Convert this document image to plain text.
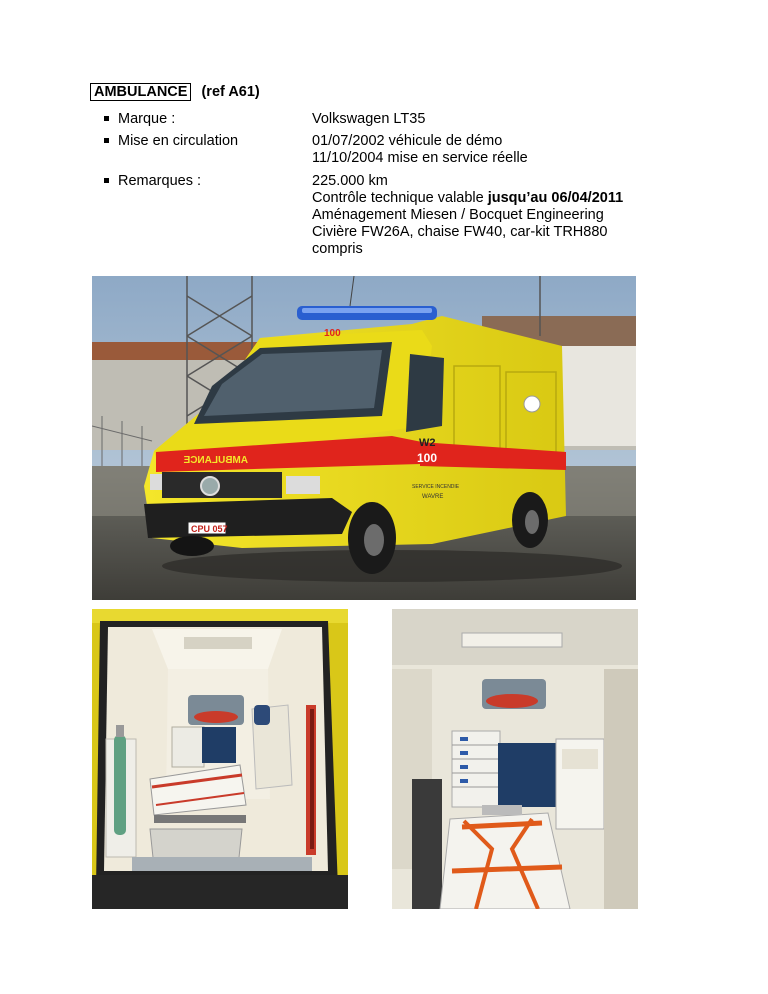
AMBULANCE (ref A61)
Marque :	Volkswagen LT35
Mise en circulation	01/07/2002 véhicule de démo
11/10/2004 mise en service réelle
Remarques :	225.000 km
Contrôle technique valable jusqu’au 06/04/2011
Aménagement Miesen / Bocquet Engineering
Civière FW26A, chaise FW40, car-kit TRH880
compris
AMBULANCE
100
W2
100
SERVICE INCENDIE
WAVRE
CPU 057
